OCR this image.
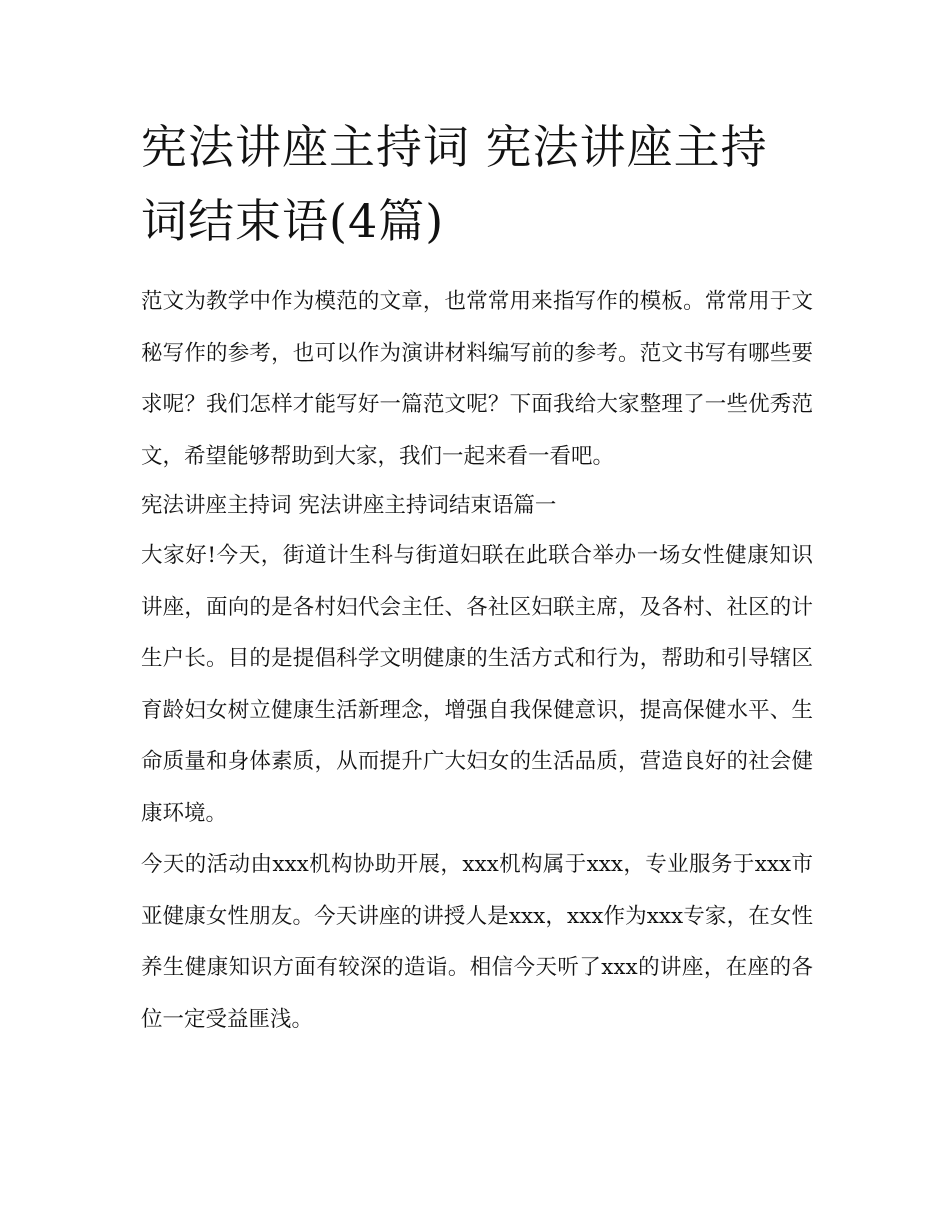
宪法讲座主持词 宪法讲座主持词结束语(4篇)

范文为教学中作为模范的文章，也常常用来指写作的模板。常常用于文秘写作的参考，也可以作为演讲材料编写前的参考。范文书写有哪些要求呢？我们怎样才能写好一篇范文呢？下面我给大家整理了一些优秀范文，希望能够帮助到大家，我们一起来看一看吧。

宪法讲座主持词 宪法讲座主持词结束语篇一

大家好!今天，街道计生科与街道妇联在此联合举办一场女性健康知识讲座，面向的是各村妇代会主任、各社区妇联主席，及各村、社区的计生户长。目的是提倡科学文明健康的生活方式和行为，帮助和引导辖区育龄妇女树立健康生活新理念，增强自我保健意识，提高保健水平、生命质量和身体素质，从而提升广大妇女的生活品质，营造良好的社会健康环境。

今天的活动由xxx机构协助开展，xxx机构属于xxx，专业服务于xxx市亚健康女性朋友。今天讲座的讲授人是xxx，xxx作为xxx专家，在女性养生健康知识方面有较深的造诣。相信今天听了xxx的讲座，在座的各位一定受益匪浅。
